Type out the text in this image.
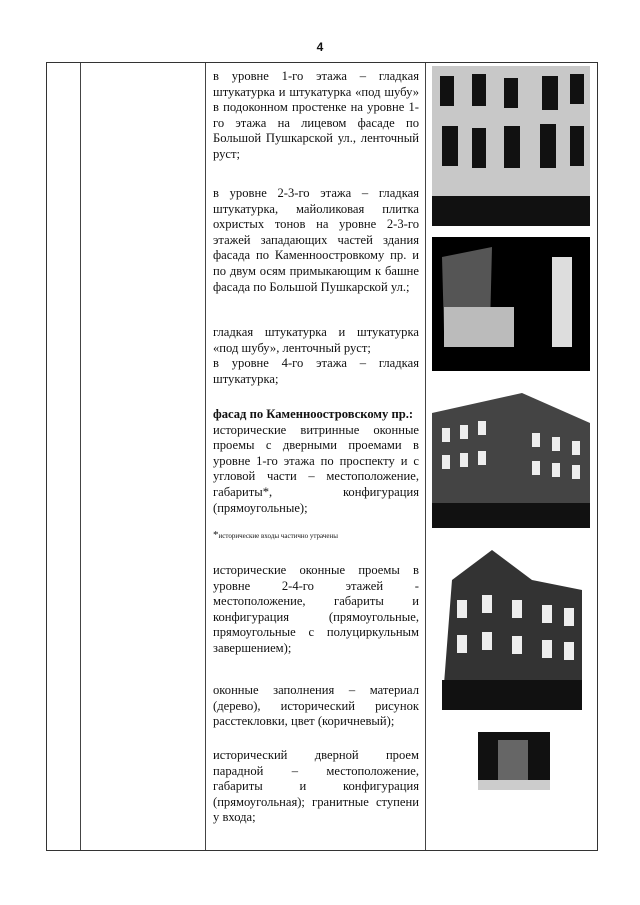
4
в уровне 1-го этажа – гладкая штукатурка и штукатурка «под шубу» в подоконном простенке на уровне 1-го этажа на лицевом фасаде по Большой Пушкарской ул., ленточный руст;
в уровне 2-3-го этажа – гладкая штукатурка, майоликовая плитка охристых тонов на уровне 2-3-го этажей западающих частей здания фасада по Каменноостровкому пр. и по двум осям примыкающим к башне фасада по Большой Пушкарской ул.;
гладкая штукатурка и штукатурка «под шубу», ленточный руст;
в уровне 4-го этажа – гладкая штукатурка;
фасад по Каменноостровскому пр.:
исторические витринные оконные проемы с дверными проемами в уровне 1-го этажа по проспекту и с угловой части – местоположение, габариты*, конфигурация (прямоугольные);
*исторические входы частично утрачены
исторические оконные проемы в уровне 2-4-го этажей - местоположение, габариты и конфигурация (прямоугольные, прямоугольные с полуциркульным завершением);
оконные заполнения – материал (дерево), исторический рисунок расстекловки, цвет (коричневый);
исторический дверной проем парадной – местоположение, габариты и конфигурация (прямоугольная); гранитные ступени у входа;
